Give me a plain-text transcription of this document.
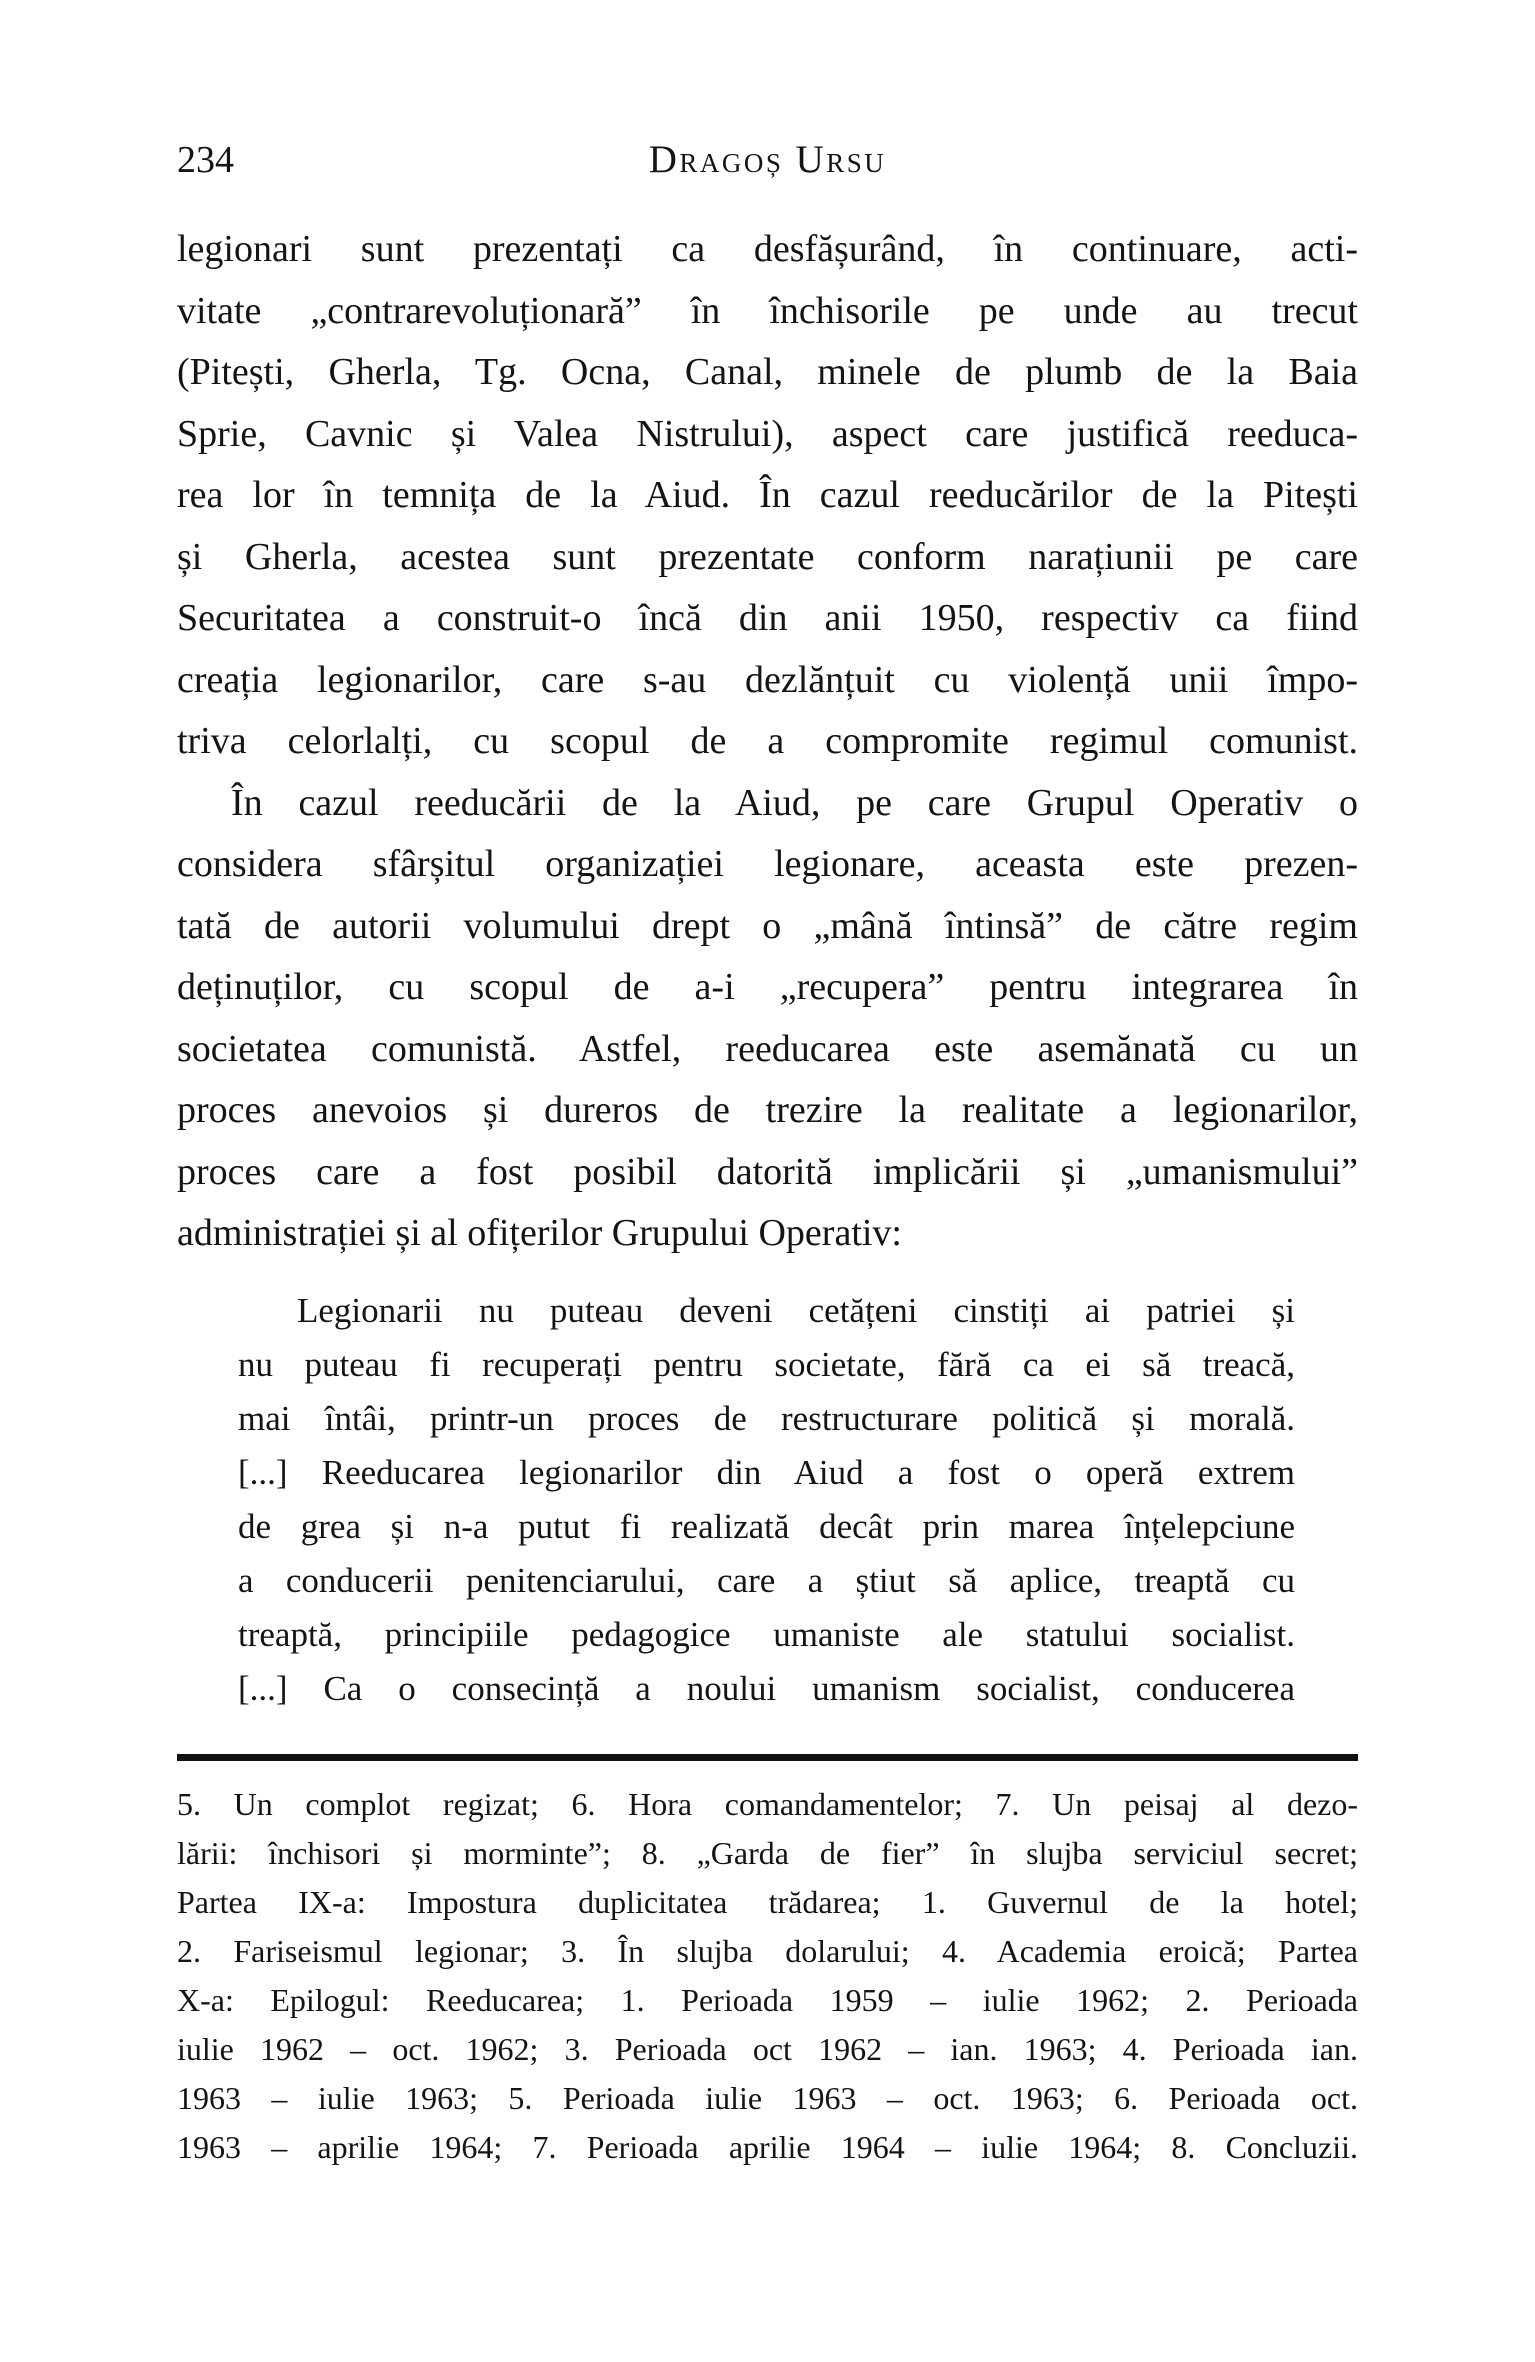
234	Dragoș Ursu
legionari sunt prezentați ca desfășurând, în continuare, acti-
vitate „contrarevoluționară” în închisorile pe unde au trecut
(Pitești, Gherla, Tg. Ocna, Canal, minele de plumb de la Baia
Sprie, Cavnic și Valea Nistrului), aspect care justifică reeduca-
rea lor în temnița de la Aiud. În cazul reeducărilor de la Pitești
și Gherla, acestea sunt prezentate conform narațiunii pe care
Securitatea a construit-o încă din anii 1950, respectiv ca fiind
creația legionarilor, care s-au dezlănțuit cu violență unii împo-
triva celorlalți, cu scopul de a compromite regimul comunist.
În cazul reeducării de la Aiud, pe care Grupul Operativ o
considera sfârșitul organizației legionare, aceasta este prezen-
tată de autorii volumului drept o „mână întinsă” de către regim
deținuților, cu scopul de a-i „recupera” pentru integrarea în
societatea comunistă. Astfel, reeducarea este asemănată cu un
proces anevoios și dureros de trezire la realitate a legionarilor,
proces care a fost posibil datorită implicării și „umanismului”
administrației și al ofițerilor Grupului Operativ:
Legionarii nu puteau deveni cetățeni cinstiți ai patriei și
nu puteau fi recuperați pentru societate, fără ca ei să treacă,
mai întâi, printr-un proces de restructurare politică și morală.
[...] Reeducarea legionarilor din Aiud a fost o operă extrem
de grea și n-a putut fi realizată decât prin marea înțelepciune
a conducerii penitenciarului, care a știut să aplice, treaptă cu
treaptă, principiile pedagogice umaniste ale statului socialist.
[...] Ca o consecință a noului umanism socialist, conducerea
5. Un complot regizat; 6. Hora comandamentelor; 7. Un peisaj al dezo-
lării: închisori și morminte”; 8. „Garda de fier” în slujba serviciul secret;
Partea IX-a: Impostura duplicitatea trădarea; 1. Guvernul de la hotel;
2. Fariseismul legionar; 3. În slujba dolarului; 4. Academia eroică; Partea
X-a: Epilogul: Reeducarea; 1. Perioada 1959 – iulie 1962; 2. Perioada
iulie 1962 – oct. 1962; 3. Perioada oct 1962 – ian. 1963; 4. Perioada ian.
1963 – iulie 1963; 5. Perioada iulie 1963 – oct. 1963; 6. Perioada oct.
1963 – aprilie 1964; 7. Perioada aprilie 1964 – iulie 1964; 8. Concluzii.
